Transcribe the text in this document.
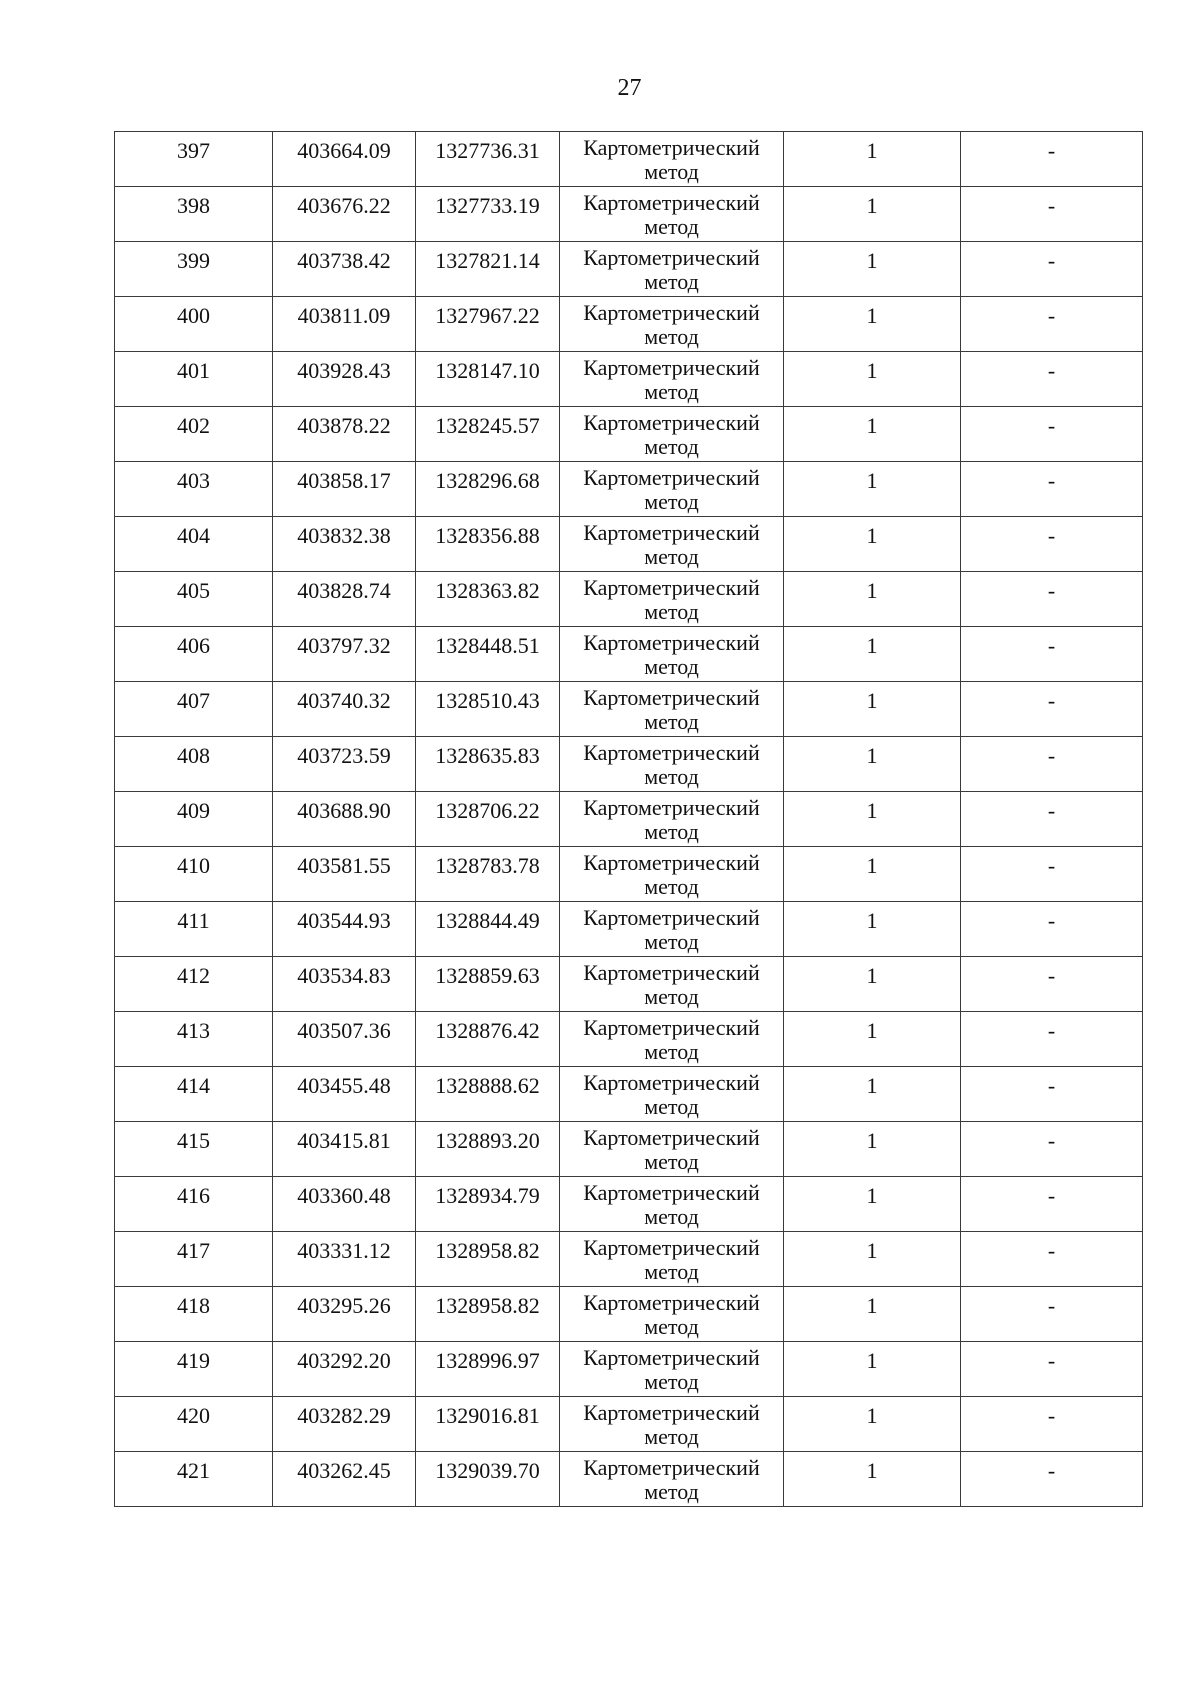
27
397	403664.09	1327736.31	Картометрический метод	1	-
398	403676.22	1327733.19	Картометрический метод	1	-
399	403738.42	1327821.14	Картометрический метод	1	-
400	403811.09	1327967.22	Картометрический метод	1	-
401	403928.43	1328147.10	Картометрический метод	1	-
402	403878.22	1328245.57	Картометрический метод	1	-
403	403858.17	1328296.68	Картометрический метод	1	-
404	403832.38	1328356.88	Картометрический метод	1	-
405	403828.74	1328363.82	Картометрический метод	1	-
406	403797.32	1328448.51	Картометрический метод	1	-
407	403740.32	1328510.43	Картометрический метод	1	-
408	403723.59	1328635.83	Картометрический метод	1	-
409	403688.90	1328706.22	Картометрический метод	1	-
410	403581.55	1328783.78	Картометрический метод	1	-
411	403544.93	1328844.49	Картометрический метод	1	-
412	403534.83	1328859.63	Картометрический метод	1	-
413	403507.36	1328876.42	Картометрический метод	1	-
414	403455.48	1328888.62	Картометрический метод	1	-
415	403415.81	1328893.20	Картометрический метод	1	-
416	403360.48	1328934.79	Картометрический метод	1	-
417	403331.12	1328958.82	Картометрический метод	1	-
418	403295.26	1328958.82	Картометрический метод	1	-
419	403292.20	1328996.97	Картометрический метод	1	-
420	403282.29	1329016.81	Картометрический метод	1	-
421	403262.45	1329039.70	Картометрический метод	1	-
